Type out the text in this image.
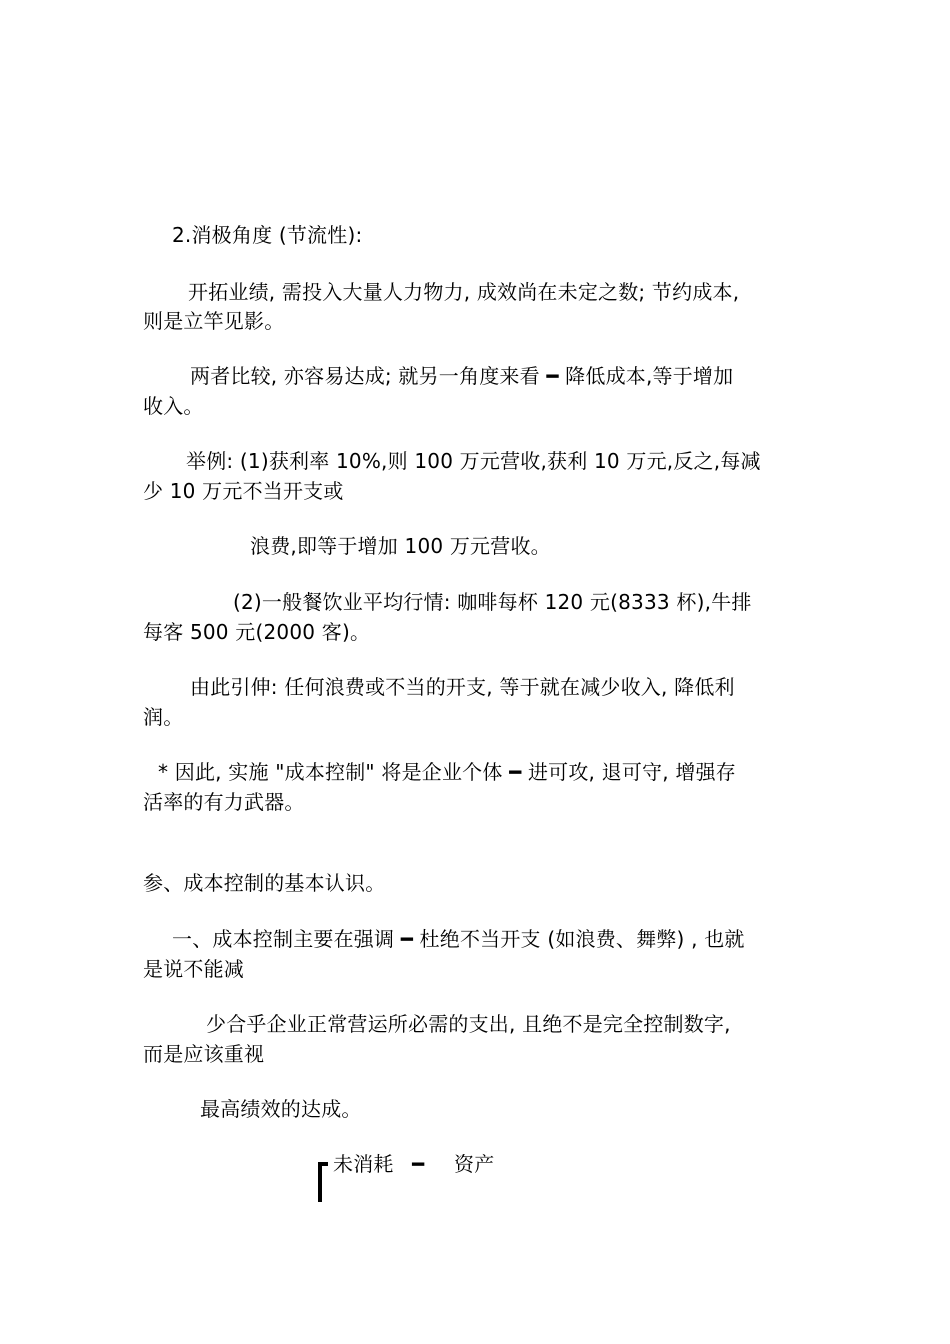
2.消极角度 (节流性):
开拓业绩, 需投入大量人力物力, 成效尚在未定之数; 节约成本,
则是立竿见影。
两者比较, 亦容易达成; 就另一角度来看 ━ 降低成本,等于增加
收入。
举例: (1)获利率 10%,则 100 万元营收,获利 10 万元,反之,每减
少 10 万元不当开支或
浪费,即等于增加 100 万元营收。
(2)一般餐饮业平均行情: 咖啡每杯 120 元(8333 杯),牛排
每客 500 元(2000 客)。
由此引伸: 任何浪费或不当的开支, 等于就在减少收入, 降低利
润。
* 因此, 实施 "成本控制" 将是企业个体 ━ 进可攻, 退可守, 增强存
活率的有力武器。
参、成本控制的基本认识。
一、成本控制主要在强调 ━ 杜绝不当开支 (如浪费、舞弊) , 也就
是说不能减
少合乎企业正常营运所必需的支出, 且绝不是完全控制数字,
而是应该重视
最高绩效的达成。
未消耗 ━ 资产
